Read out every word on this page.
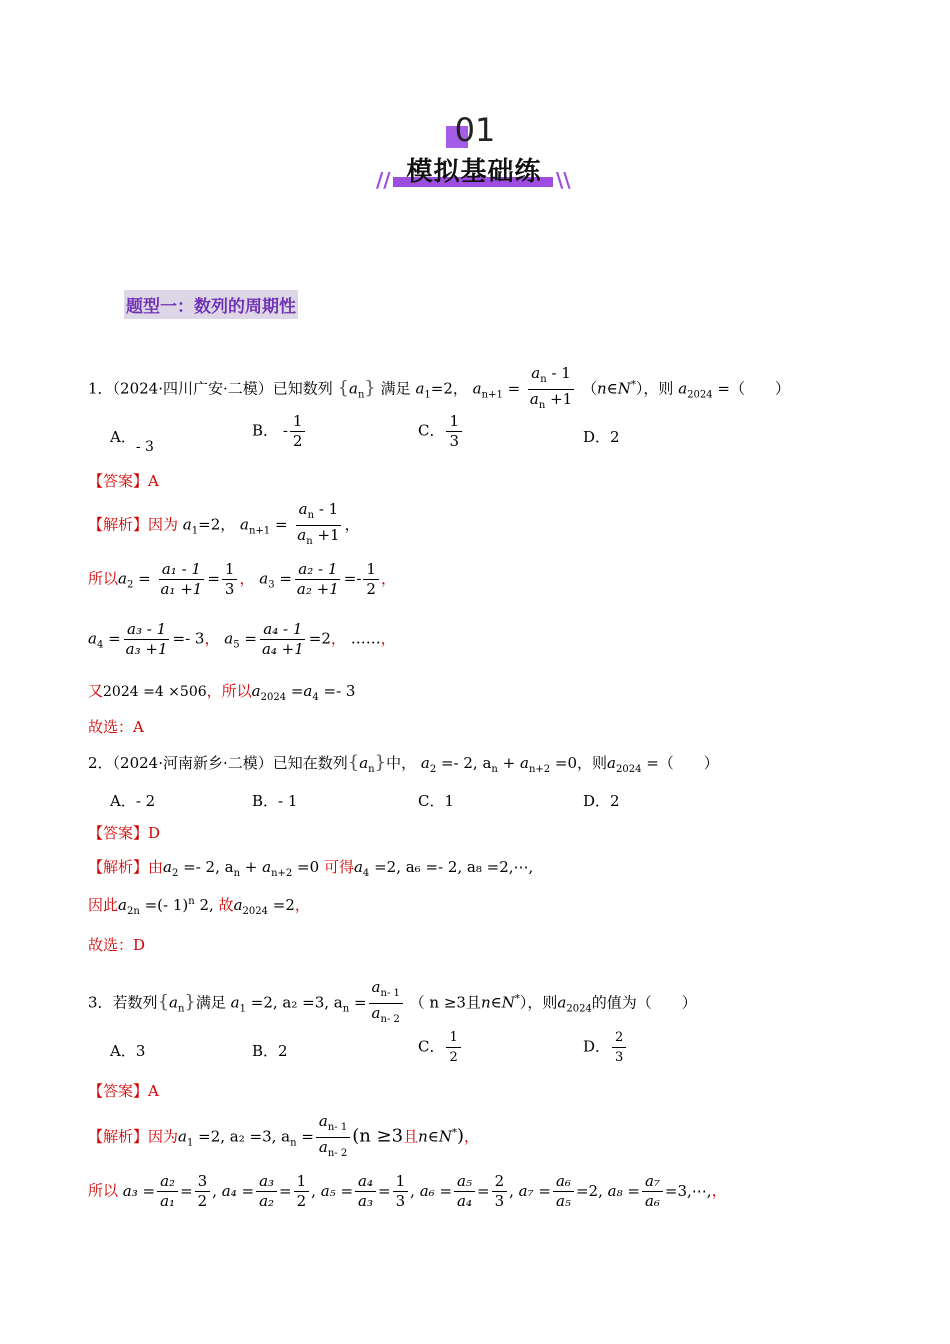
01
// 模拟基础练 \\
题型一：数列的周期性
1．（2024·四川广安·二模）已知数列 $\{a_n\}$ 满足 $a_1=2$， $a_{n+1} = \frac{a_n - 1}{a_n +1}$ （n∈N*），则 $a_{2024}$ =（　　）
A．- 3
B． - $\frac{1}{2}$	C． $\frac{1}{3}$	D．2
【答案】A
【解析】因为 $a_1=2$， $a_{n+1} = \frac{a_n - 1}{a_n +1}$ ，
所以$a_2 = \frac{\text{a₁ - 1}}{\text{a₁ +1}} = \frac{1}{3}$ ， $a_3 = \frac{\text{a₂ - 1}}{\text{a₂ +1}} =- \frac{1}{2}$ ，
$a_4 = \frac{\text{a₃ - 1}}{\text{a₃ +1}} =- 3$， $a_5 = \frac{\text{a₄ - 1}}{\text{a₄ +1}} =2$， ……，
又2024 =4 ×506，所以$a_{2024} =a_4 =- 3$
故选：A
2．（2024·河南新乡·二模）已知在数列$\{a_n\}$中， $a_2 =- 2$, $a_n + a_{n+2} =0$，则$a_{2024}$ =（　　）
A．- 2	B．- 1	C．1	D．2
【答案】D
【解析】由$a_2 =- 2$, $a_n + a_{n+2} =0$ 可得$a_4 =2$, a₆ =- 2, a₈ =2,⋯,
因此$a_{2n}$ =(- 1)$^n$ 2, 故$a_{2024} =2$，
故选：D
3．若数列$\{a_n\}$满足 $a_1 =2$, a₂ =3, $a_n = \frac{a_{n- 1}}{a_{n- 2}}$ （ n ≥3且n∈N*），则$a_{2024}$的值为（　　）
A．3	B．2	C． $\frac{1}{2}$	D． $\frac{2}{3}$
【答案】A
【解析】因为$a_1 =2$, a₂ =3, $a_n = \frac{a_{n- 1}}{a_{n- 2}} (n \ge 3$且n∈N*)，
所以 $a_3 = \frac{\text{a₂}}{\text{a₁}} = \frac{3}{2}$ , $a_4 = \frac{\text{a₃}}{\text{a₂}} = \frac{1}{2}$ , $a_5 = \frac{\text{a₄}}{\text{a₃}} = \frac{1}{3}$ , $a_6 = \frac{\text{a₅}}{\text{a₄}} = \frac{2}{3}$ , $a_7 = \frac{\text{a₆}}{\text{a₅}} =2$, $a_8 = \frac{\text{a₇}}{\text{a₆}}$ =3,⋯,，
